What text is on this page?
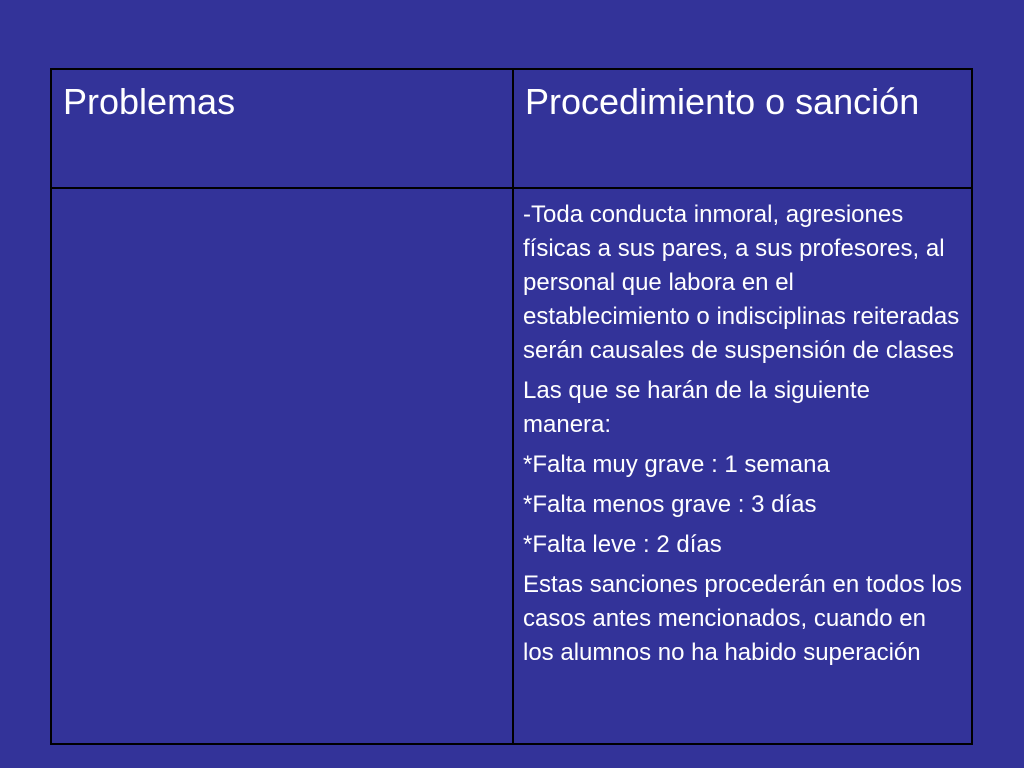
Problemas	Procedimiento o sanción

-Toda conducta inmoral, agresiones físicas a sus pares, a sus profesores, al personal que labora en el establecimiento o indisciplinas reiteradas serán causales de suspensión de clases

Las que se harán de la siguiente manera:

*Falta muy grave : 1 semana

*Falta menos grave : 3 días

*Falta leve : 2 días

Estas sanciones procederán en todos los casos antes mencionados, cuando en los alumnos no ha habido superación
